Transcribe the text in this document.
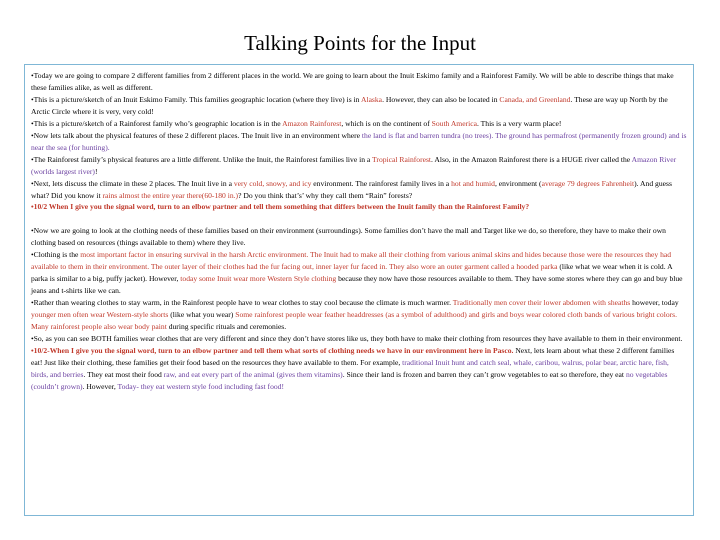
Talking Points for the Input

•Today we are going to compare 2 different families from 2 different places in the world. We are going to learn about the Inuit Eskimo family and a Rainforest Family. We will be able to describe things that make these families alike, as well as different.

•This is a picture/sketch of an Inuit Eskimo Family. This families geographic location (where they live) is in Alaska. However, they can also be located in Canada, and Greenland. These are way up North by the Arctic Circle where it is very, very cold!

•This is a picture/sketch of a Rainforest family who’s geographic location is in the Amazon Rainforest, which is on the continent of South America. This is a very warm place!

•Now lets talk about the physical features of these 2 different places. The Inuit live in an environment where the land is flat and barren tundra (no trees). The ground has permafrost (permanently frozen ground) and is near the sea (for hunting).

•The Rainforest family’s physical features are a little different. Unlike the Inuit, the Rainforest families live in a Tropical Rainforest. Also, in the Amazon Rainforest there is a HUGE river called the Amazon River (worlds largest river)!

•Next, lets discuss the climate in these 2 places. The Inuit live in a very cold, snowy, and icy environment. The rainforest family lives in a hot and humid, environment (average 79 degrees Fahrenheit). And guess what? Did you know it rains almost the entire year there(60-180 in.)? Do you think that’s’ why they call them “Rain” forests?

•10/2 When I give you the signal word, turn to an elbow partner and tell them something that differs between the Inuit family than the Rainforest Family?

•Now we are going to look at the clothing needs of these families based on their environment (surroundings). Some families don’t have the mall and Target like we do, so therefore, they have to make their own clothing based on resources (things available to them) where they live.

•Clothing is the most important factor in ensuring survival in the harsh Arctic environment. The Inuit had to make all their clothing from various animal skins and hides because those were the resources they had available to them in their environment. The outer layer of their clothes had the fur facing out, inner layer fur faced in. They also wore an outer garment called a hooded parka (like what we wear when it is cold. A parka is similar to a big, puffy jacket). However, today some Inuit wear more Western Style clothing because they now have those resources available to them. They have some stores where they can go and buy blue jeans and t-shirts like we can.

•Rather than wearing clothes to stay warm, in the Rainforest people have to wear clothes to stay cool because the climate is much warmer. Traditionally men cover their lower abdomen with sheaths however, today younger men often wear Western-style shorts (like what you wear) Some rainforest people wear feather headdresses (as a symbol of adulthood) and girls and boys wear colored cloth bands of various bright colors. Many rainforest people also wear body paint during specific rituals and ceremonies.

•So, as you can see BOTH families wear clothes that are very different and since they don’t have stores like us, they both have to make their clothing from resources they have available to them in their environment.

•10/2-When I give you the signal word, turn to an elbow partner and tell them what sorts of clothing needs we have in our environment here in Pasco. Next, lets learn about what these 2 different families eat! Just like their clothing, these families get their food based on the resources they have available to them. For example, traditional Inuit hunt and catch seal, whale, caribou, walrus, polar bear, arctic hare, fish, birds, and berries. They eat most their food raw, and eat every part of the animal (gives them vitamins). Since their land is frozen and barren they can’t grow vegetables to eat so therefore, they eat no vegetables (couldn’t grown). However, Today- they eat western style food including fast food!
